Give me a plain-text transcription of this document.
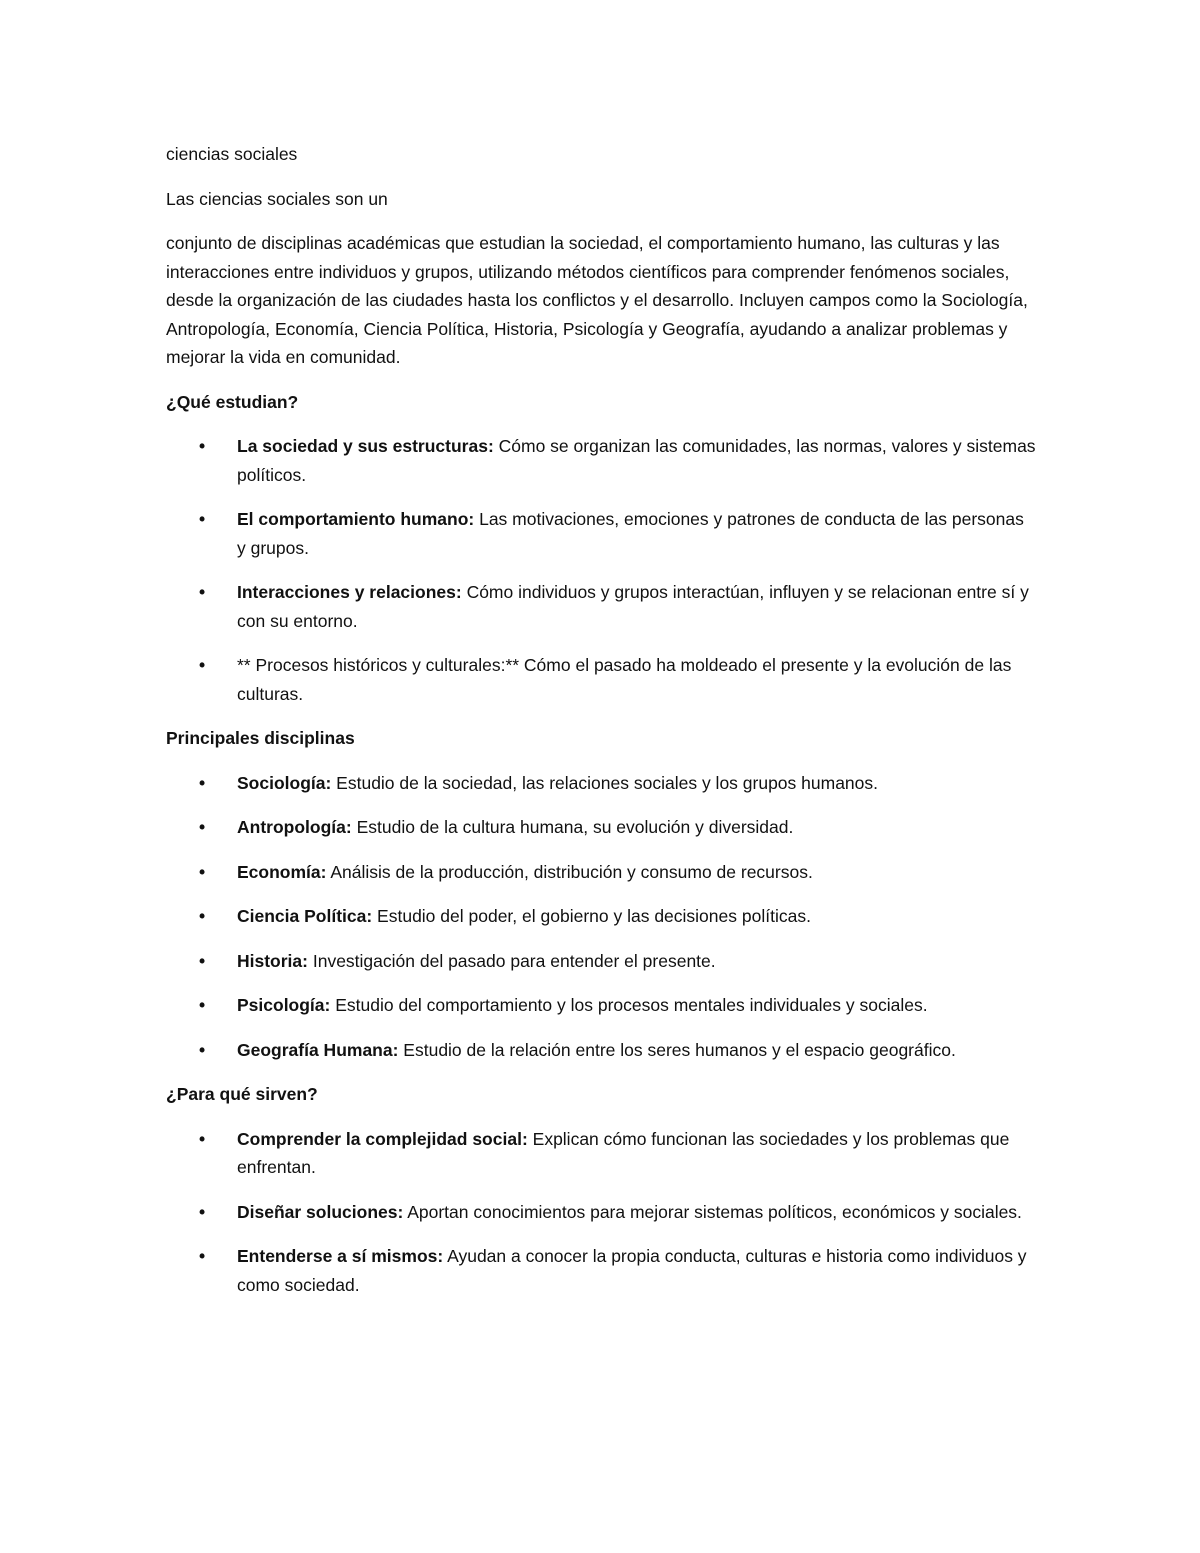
ciencias sociales

Las ciencias sociales son un

conjunto de disciplinas académicas que estudian la sociedad, el comportamiento humano, las culturas y las interacciones entre individuos y grupos, utilizando métodos científicos para comprender fenómenos sociales, desde la organización de las ciudades hasta los conflictos y el desarrollo. Incluyen campos como la Sociología, Antropología, Economía, Ciencia Política, Historia, Psicología y Geografía, ayudando a analizar problemas y mejorar la vida en comunidad.

¿Qué estudian?
• La sociedad y sus estructuras: Cómo se organizan las comunidades, las normas, valores y sistemas políticos.
• El comportamiento humano: Las motivaciones, emociones y patrones de conducta de las personas y grupos.
• Interacciones y relaciones: Cómo individuos y grupos interactúan, influyen y se relacionan entre sí y con su entorno.
• ** Procesos históricos y culturales:** Cómo el pasado ha moldeado el presente y la evolución de las culturas.
Principales disciplinas
• Sociología: Estudio de la sociedad, las relaciones sociales y los grupos humanos.
• Antropología: Estudio de la cultura humana, su evolución y diversidad.
• Economía: Análisis de la producción, distribución y consumo de recursos.
• Ciencia Política: Estudio del poder, el gobierno y las decisiones políticas.
• Historia: Investigación del pasado para entender el presente.
• Psicología: Estudio del comportamiento y los procesos mentales individuales y sociales.
• Geografía Humana: Estudio de la relación entre los seres humanos y el espacio geográfico.
¿Para qué sirven?
• Comprender la complejidad social: Explican cómo funcionan las sociedades y los problemas que enfrentan.
• Diseñar soluciones: Aportan conocimientos para mejorar sistemas políticos, económicos y sociales.
• Entenderse a sí mismos: Ayudan a conocer la propia conducta, culturas e historia como individuos y como sociedad.
